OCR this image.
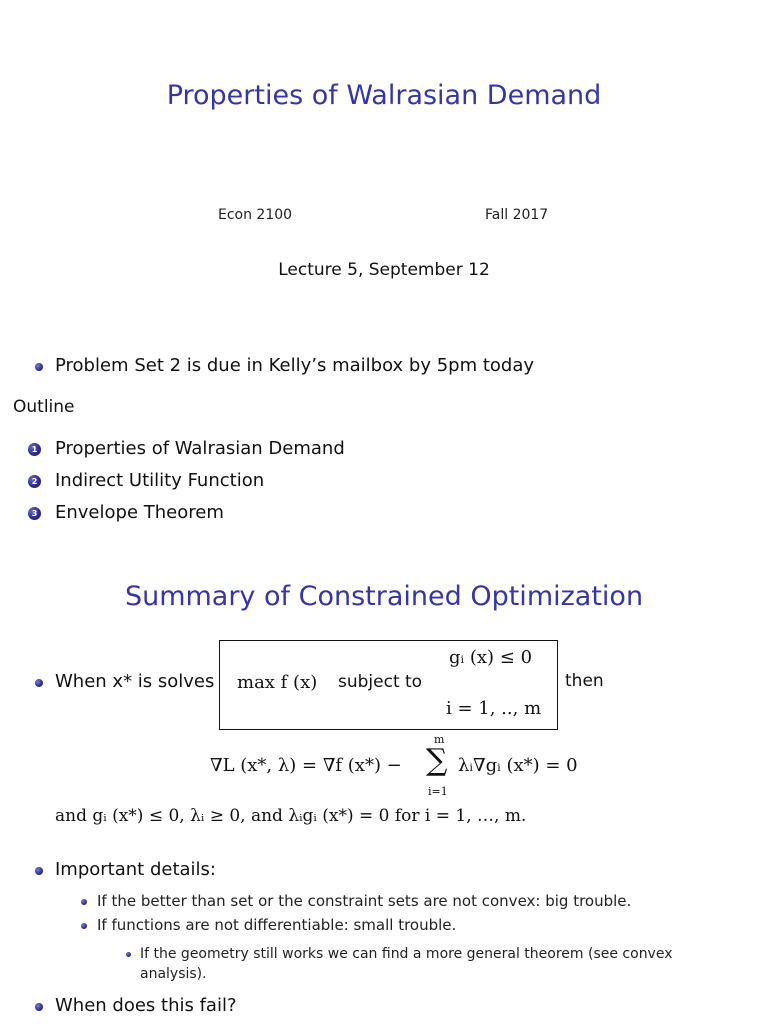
Properties of Walrasian Demand
Econ 2100	Fall 2017
Lecture 5, September 12
Problem Set 2 is due in Kelly’s mailbox by 5pm today
Outline
1 Properties of Walrasian Demand
2 Indirect Utility Function
3 Envelope Theorem
Summary of Constrained Optimization
When x* is solves max f (x) subject to
gᵢ (x) ≤ 0
i = 1, .., m
then
∇L (x*, λ) = ∇f (x*) −
m
∑
i=1
λᵢ∇gᵢ (x*) = 0
and gᵢ (x*) ≤ 0, λᵢ ≥ 0, and λᵢgᵢ (x*) = 0 for i = 1, …, m.
Important details:
If the better than set or the constraint sets are not convex: big trouble.
If functions are not differentiable: small trouble.
If the geometry still works we can find a more general theorem (see convex analysis).
When does this fail?
